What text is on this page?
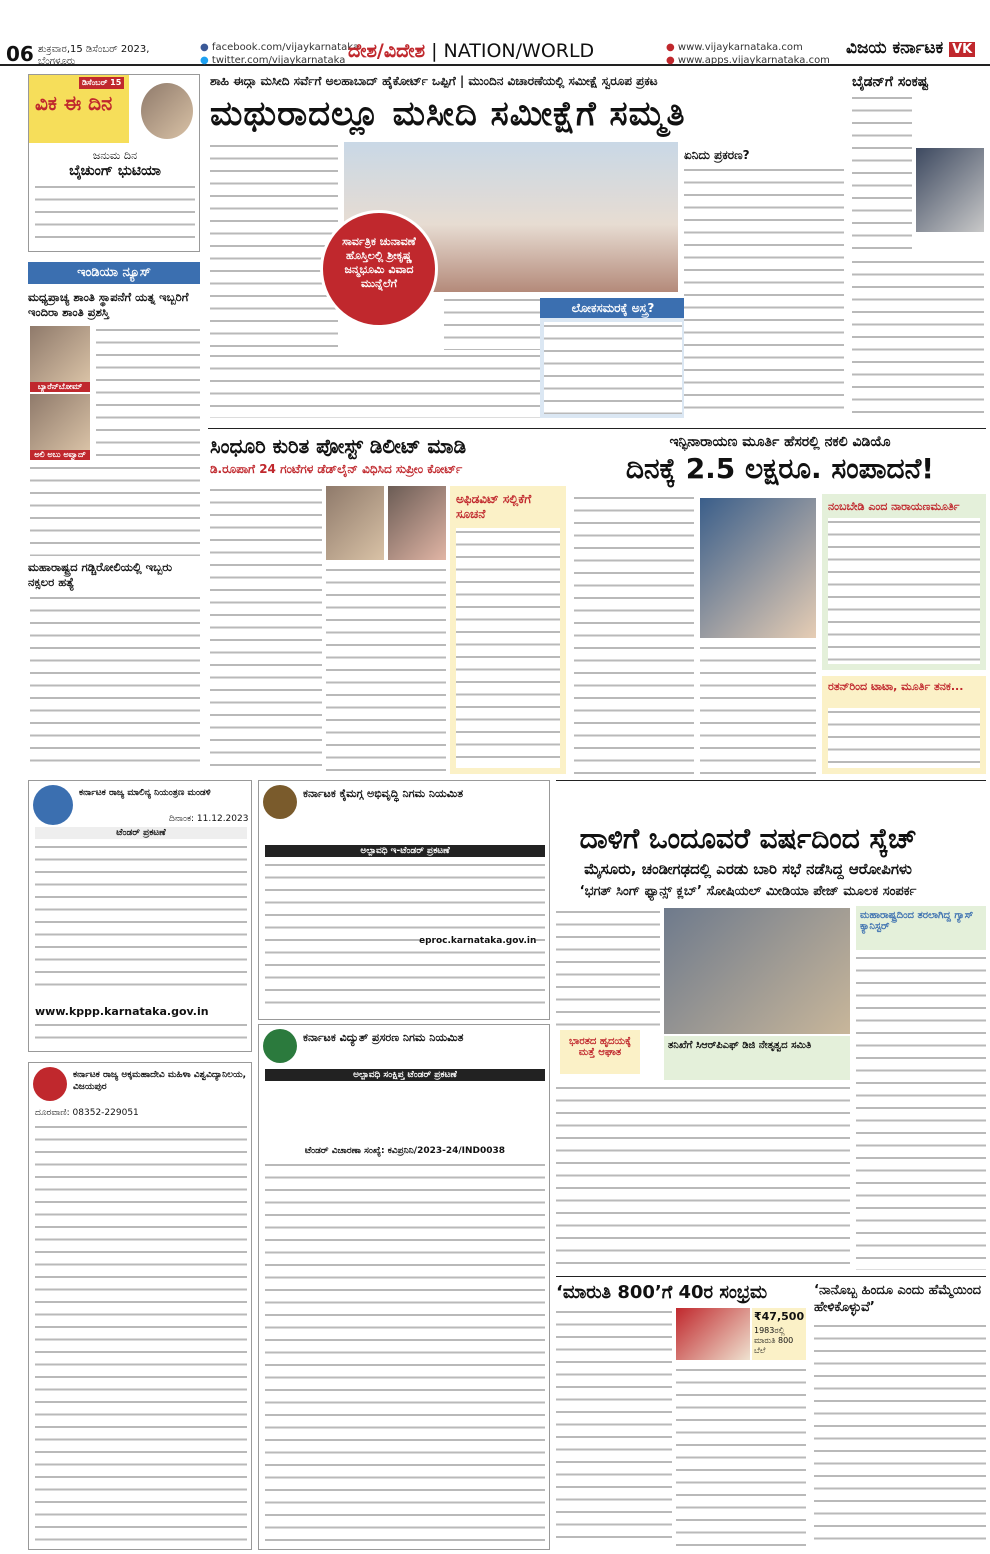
06 ಶುಕ್ರವಾರ,15 ಡಿಸೆಂಬರ್ 2023,
ಬೆಂಗಳೂರು
● facebook.com/vijaykarnataka
● twitter.com/vijaykarnataka ದೇಶ/ವಿದೇಶ | NATION/WORLD	● www.vijaykarnataka.com
● www.apps.vijaykarnataka.com
ವಿಜಯ ಕರ್ನಾಟಕ VK
ವಿಕ ಈ ದಿನ
ಡಿಸೆಂಬರ್ 15
ಜನುಮ ದಿನ
ಬೈಚುಂಗ್ ಭುಟಿಯಾ
ಇಂಡಿಯಾ ನ್ಯೂಸ್
ಮಧ್ಯಪ್ರಾಚ್ಯ ಶಾಂತಿ ಸ್ಥಾಪನೆಗೆ ಯತ್ನ ಇಬ್ಬರಿಗೆ ಇಂದಿರಾ ಶಾಂತಿ ಪ್ರಶಸ್ತಿ
ಬ್ಯಾರೆನ್‌ಬೋಮ್
ಅಲಿ ಅಬು ಅವ್ವಾದ್
ಮಹಾರಾಷ್ಟ್ರದ ಗಡ್ಚಿರೋಲಿಯಲ್ಲಿ ಇಬ್ಬರು ನಕ್ಸಲರ ಹತ್ಯೆ
ಶಾಹಿ ಈದ್ಗಾ ಮಸೀದಿ ಸರ್ವೆಗೆ ಅಲಹಾಬಾದ್ ಹೈಕೋರ್ಟ್ ಒಪ್ಪಿಗೆ | ಮುಂದಿನ ವಿಚಾರಣೆಯಲ್ಲಿ ಸಮೀಕ್ಷೆ ಸ್ವರೂಪ ಪ್ರಕಟ
ಮಥುರಾದಲ್ಲೂ ಮಸೀದಿ ಸಮೀಕ್ಷೆಗೆ ಸಮ್ಮತಿ
ಸಾರ್ವತ್ರಿಕ ಚುನಾವಣೆ ಹೊಸ್ತಿಲಲ್ಲಿ ಶ್ರೀಕೃಷ್ಣ ಜನ್ಮಭೂಮಿ ವಿವಾದ ಮುನ್ನೆಲೆಗೆ
ಲೋಕಸಮರಕ್ಕೆ ಅಸ್ತ್ರ?
ಏನಿದು ಪ್ರಕರಣ?
ಬೈಡನ್‌ಗೆ ಸಂಕಷ್ಟ
ಸಿಂಧೂರಿ ಕುರಿತ ಪೋಸ್ಟ್ ಡಿಲೀಟ್ ಮಾಡಿ
ಡಿ.ರೂಪಾಗೆ 24 ಗಂಟೆಗಳ ಡೆಡ್‌ಲೈನ್ ವಿಧಿಸಿದ ಸುಪ್ರೀಂ ಕೋರ್ಟ್
ಅಫಿಡವಿಟ್ ಸಲ್ಲಿಕೆಗೆ ಸೂಚನೆ
ಇನ್ಫಿನಾರಾಯಣ ಮೂರ್ತಿ ಹೆಸರಲ್ಲಿ ನಕಲಿ ವಿಡಿಯೊ
ದಿನಕ್ಕೆ 2.5 ಲಕ್ಷರೂ. ಸಂಪಾದನೆ!
ನಂಬಬೇಡಿ ಎಂದ ನಾರಾಯಣಮೂರ್ತಿ
ರತನ್‌ರಿಂದ ಟಾಟಾ, ಮೂರ್ತಿ ತನಕ...
ಕರ್ನಾಟಕ ರಾಜ್ಯ ಮಾಲಿನ್ಯ ನಿಯಂತ್ರಣ ಮಂಡಳಿ
ಟೆಂಡರ್ ಪ್ರಕಟಣೆ
ದಿನಾಂಕ: 11.12.2023
www.kppp.karnataka.gov.in
ಕರ್ನಾಟಕ ರಾಜ್ಯ ಅಕ್ಕಮಹಾದೇವಿ ಮಹಿಳಾ ವಿಶ್ವವಿದ್ಯಾನಿಲಯ, ವಿಜಯಪುರ
ದೂರವಾಣಿ: 08352-229051
ಕರ್ನಾಟಕ ಕೈಮಗ್ಗ ಅಭಿವೃದ್ಧಿ ನಿಗಮ ನಿಯಮಿತ
ಅಲ್ಪಾವಧಿ ಇ-ಟೆಂಡರ್ ಪ್ರಕಟಣೆ
eproc.karnataka.gov.in
ಕರ್ನಾಟಕ ವಿದ್ಯುತ್ ಪ್ರಸರಣ ನಿಗಮ ನಿಯಮಿತ
ಅಲ್ಪಾವಧಿ ಸಂಕ್ಷಿಪ್ತ ಟೆಂಡರ್ ಪ್ರಕಟಣೆ
ಟೆಂಡರ್ ವಿಚಾರಣಾ ಸಂಖ್ಯೆ: ಕವಿಪ್ರನಿನಿ/2023-24/IND0038
ದಾಳಿಗೆ ಒಂದೂವರೆ ವರ್ಷದಿಂದ ಸ್ಕೆಚ್
ಮೈಸೂರು, ಚಂಡೀಗಢದಲ್ಲಿ ಎರಡು ಬಾರಿ ಸಭೆ ನಡೆಸಿದ್ದ ಆರೋಪಿಗಳು
‘ಭಗತ್ ಸಿಂಗ್ ಫ್ಯಾನ್ಸ್ ಕ್ಲಬ್’ ಸೋಷಿಯಲ್ ಮೀಡಿಯಾ ಪೇಜ್ ಮೂಲಕ ಸಂಪರ್ಕ
ಭಾರತದ ಹೃದಯಕ್ಕೆ ಮತ್ತೆ ಆಘಾತ
ತನಿಖೆಗೆ ಸಿಆರ್‌ಪಿಎಫ್ ಡಿಜಿ ನೇತೃತ್ವದ ಸಮಿತಿ
ಮಹಾರಾಷ್ಟ್ರದಿಂದ ತರಲಾಗಿದ್ದ ಗ್ಯಾಸ್ ಕ್ಯಾನಿಸ್ಟರ್
‘ಮಾರುತಿ 800’ಗೆ 40ರ ಸಂಭ್ರಮ
₹47,500
1983ರಲ್ಲಿ ಮಾರುತಿ 800 ಬೆಲೆ
‘ನಾನೊಬ್ಬ ಹಿಂದೂ ಎಂದು ಹೆಮ್ಮೆಯಿಂದ ಹೇಳಿಕೊಳ್ಳುವೆ’
